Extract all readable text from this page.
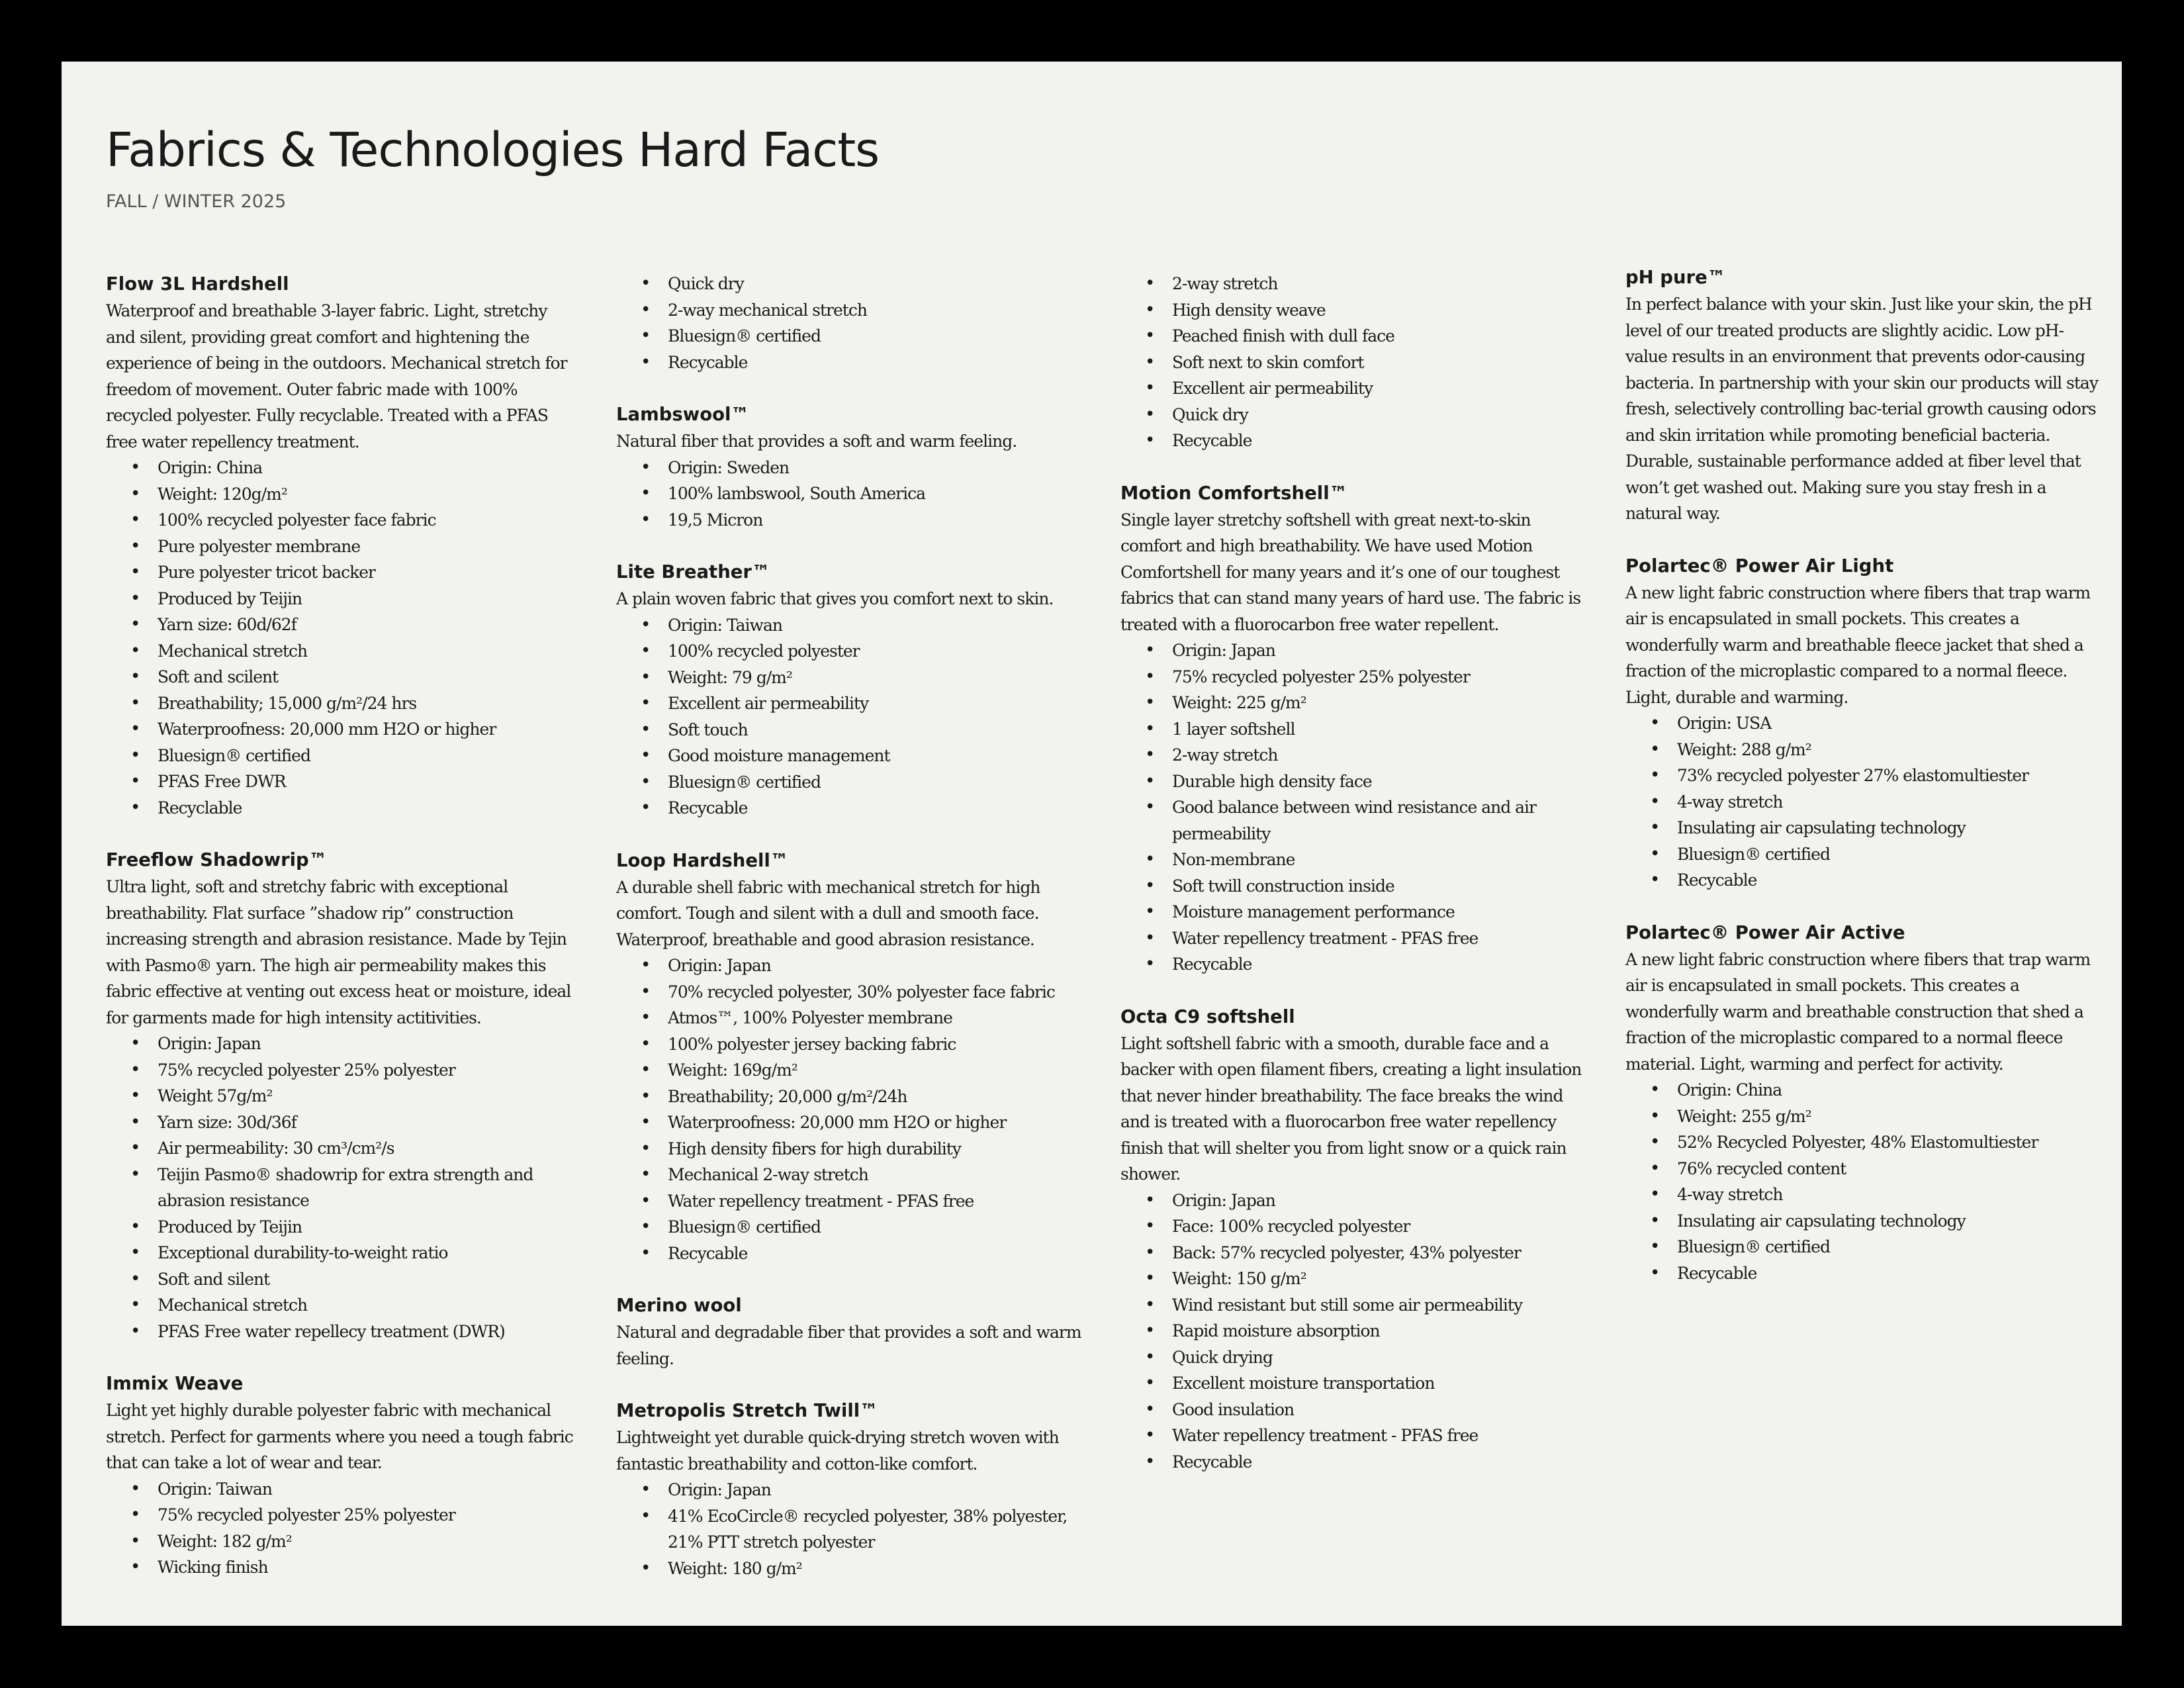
Fabrics & Technologies Hard Facts
FALL / WINTER 2025
Flow 3L Hardshell

Waterproof and breathable 3-layer fabric. Light, stretchy and silent, providing great comfort and hightening the experience of being in the outdoors. Mechanical stretch for freedom of movement. Outer fabric made with 100% recycled polyester. Fully recyclable. Treated with a PFAS free water repellency treatment.

• Origin: China
• Weight: 120g/m²
• 100% recycled polyester face fabric
• Pure polyester membrane
• Pure polyester tricot backer
• Produced by Teijin
• Yarn size: 60d/62f
• Mechanical stretch
• Soft and scilent
• Breathability; 15,000 g/m²/24 hrs
• Waterproofness: 20,000 mm H2O or higher
• Bluesign® certified
• PFAS Free DWR
• Recyclable
Freeflow Shadowrip™

Ultra light, soft and stretchy fabric with exceptional breathability. Flat surface ”shadow rip” construction increasing strength and abrasion resistance. Made by Tejin with Pasmo® yarn. The high air permeability makes this fabric effective at venting out excess heat or moisture, ideal for garments made for high intensity actitivities.

• Origin: Japan
• 75% recycled polyester 25% polyester
• Weight 57g/m²
• Yarn size: 30d/36f
• Air permeability: 30 cm³/cm²/s
• Teijin Pasmo® shadowrip for extra strength and abrasion resistance
• Produced by Teijin
• Exceptional durability-to-weight ratio
• Soft and silent
• Mechanical stretch
• PFAS Free water repellecy treatment (DWR)
Immix Weave

Light yet highly durable polyester fabric with mechanical stretch. Perfect for garments where you need a tough fabric that can take a lot of wear and tear.

• Origin: Taiwan
• 75% recycled polyester 25% polyester
• Weight: 182 g/m²
• Wicking finish
• Quick dry
• 2-way mechanical stretch
• Bluesign® certified
• Recycable
Lambswool™

Natural fiber that provides a soft and warm feeling.

• Origin: Sweden
• 100% lambswool, South America
• 19,5 Micron
Lite Breather™

A plain woven fabric that gives you comfort next to skin.

• Origin: Taiwan
• 100% recycled polyester
• Weight: 79 g/m²
• Excellent air permeability
• Soft touch
• Good moisture management
• Bluesign® certified
• Recycable
Loop Hardshell™

A durable shell fabric with mechanical stretch for high comfort. Tough and silent with a dull and smooth face. Waterproof, breathable and good abrasion resistance.

• Origin: Japan
• 70% recycled polyester, 30% polyester face fabric
• Atmos™, 100% Polyester membrane
• 100% polyester jersey backing fabric
• Weight: 169g/m²
• Breathability; 20,000 g/m²/24h
• Waterproofness: 20,000 mm H2O or higher
• High density fibers for high durability
• Mechanical 2-way stretch
• Water repellency treatment - PFAS free
• Bluesign® certified
• Recycable
Merino wool

Natural and degradable fiber that provides a soft and warm feeling.

Metropolis Stretch Twill™

Lightweight yet durable quick-drying stretch woven with fantastic breathability and cotton-like comfort.

• Origin: Japan
• 41% EcoCircle® recycled polyester, 38% polyester, 21% PTT stretch polyester
• Weight: 180 g/m²
• 2-way stretch
• High density weave
• Peached finish with dull face
• Soft next to skin comfort
• Excellent air permeability
• Quick dry
• Recycable
Motion Comfortshell™

Single layer stretchy softshell with great next-to-skin comfort and high breathability. We have used Motion Comfortshell for many years and it’s one of our toughest fabrics that can stand many years of hard use. The fabric is treated with a fluorocarbon free water repellent.

• Origin: Japan
• 75% recycled polyester 25% polyester
• Weight: 225 g/m²
• 1 layer softshell
• 2-way stretch
• Durable high density face
• Good balance between wind resistance and air permeability
• Non-membrane
• Soft twill construction inside
• Moisture management performance
• Water repellency treatment - PFAS free
• Recycable
Octa C9 softshell

Light softshell fabric with a smooth, durable face and a backer with open filament fibers, creating a light insulation that never hinder breathability. The face breaks the wind and is treated with a fluorocarbon free water repellency finish that will shelter you from light snow or a quick rain shower.

• Origin: Japan
• Face: 100% recycled polyester
• Back: 57% recycled polyester, 43% polyester
• Weight: 150 g/m²
• Wind resistant but still some air permeability
• Rapid moisture absorption
• Quick drying
• Excellent moisture transportation
• Good insulation
• Water repellency treatment - PFAS free
• Recycable
pH pure™

In perfect balance with your skin. Just like your skin, the pH level of our treated products are slightly acidic. Low pH-value results in an environment that prevents odor-causing bacteria. In partnership with your skin our products will stay fresh, selectively controlling bac-terial growth causing odors and skin irritation while promoting beneficial bacteria. Durable, sustainable performance added at fiber level that won’t get washed out. Making sure you stay fresh in a natural way.

Polartec® Power Air Light

A new light fabric construction where fibers that trap warm air is encapsulated in small pockets. This creates a wonderfully warm and breathable fleece jacket that shed a fraction of the microplastic compared to a normal fleece. Light, durable and warming.

• Origin: USA
• Weight: 288 g/m²
• 73% recycled polyester 27% elastomultiester
• 4-way stretch
• Insulating air capsulating technology
• Bluesign® certified
• Recycable
Polartec® Power Air Active

A new light fabric construction where fibers that trap warm air is encapsulated in small pockets. This creates a wonderfully warm and breathable construction that shed a fraction of the microplastic compared to a normal fleece material. Light, warming and perfect for activity.

• Origin: China
• Weight: 255 g/m²
• 52% Recycled Polyester, 48% Elastomultiester
• 76% recycled content
• 4-way stretch
• Insulating air capsulating technology
• Bluesign® certified
• Recycable
